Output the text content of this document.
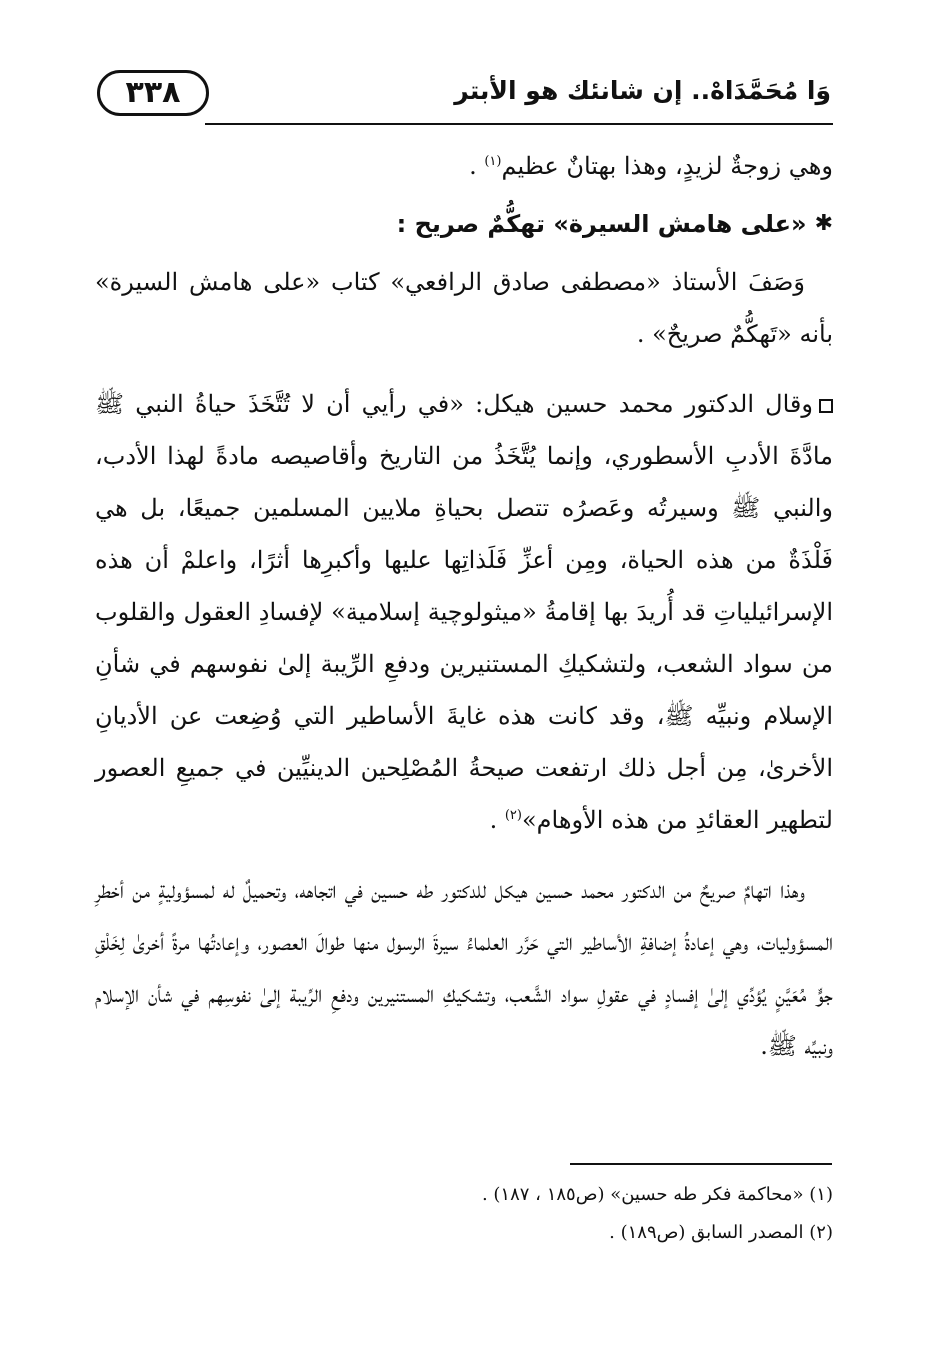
٣٣٨	وَا مُحَمَّدَاهْ.. إن شانئك هو الأبتر

وهي زوجةٌ لزيدٍ، وهذا بهتانٌ عظيم$^{(١)}$ .

✱
«على هامش السيرة» تهكُّمٌ صريح :

وَصَفَ الأستاذ «مصطفى صادق الرافعي» كتاب «على هامش السيرة» بأنه «تَهكُّمٌ صريحٌ» .

وقال الدكتور محمد حسين هيكل: «في رأيي أن لا تُتَّخَذَ حياةُ النبي ﷺ مادَّةَ الأدبِ الأسطوري، وإنما يُتَّخَذُ من التاريخ وأقاصيصه مادةً لهذا الأدب، والنبي ﷺ وسيرتُه وعَصرُه تتصل بحياةِ ملايين المسلمين جميعًا، بل هي فَلْذَةٌ من هذه الحياة، ومِن أعزِّ فَلَذاتِها عليها وأكبرِها أثرًا، واعلمْ أن هذه الإسرائيلياتِ قد أُريدَ بها إقامةُ «ميثولوچية إسلامية» لإفسادِ العقول والقلوب من سواد الشعب، ولتشكيكِ المستنيرين ودفعِ الرِّيبة إلىٰ نفوسهم في شأنِ الإسلام ونبيِّه ﷺ، وقد كانت هذه غايةَ الأساطير التي وُضِعت عن الأديانِ الأخرىٰ، مِن أجل ذلك ارتفعت صيحةُ المُصْلِحين الدينيِّين في جميعِ العصور لتطهير العقائدِ من هذه الأوهام»$^{(٢)}$ .

وهذا اتهامٌ صريحٌ من الدكتور محمد حسين هيكل للدكتور طه حسين في اتجاهه، وتحميلٌ له لمسؤوليةٍ من أخطرِ المسؤوليات، وهي إعادةُ إضافةِ الأساطير التي حَرَّر العلماءُ سيرةَ الرسول منها طوالَ العصور، وإعادتُها مرةً أخرىٰ لِخَلْقِ جوٍّ مُعَيَّنٍ يُؤدِّي إلىٰ إفسادٍ في عقولِ سواد الشَّعب، وتشكيكِ المستنيرين ودفعِ الرِّيبة إلىٰ نفوسِهم في شأن الإسلام ونبيِّه ﷺ.

(١) «محاكمة فكر طه حسين» (ص١٨٥ ، ١٨٧) .

(٢) المصدر السابق (ص١٨٩) .
